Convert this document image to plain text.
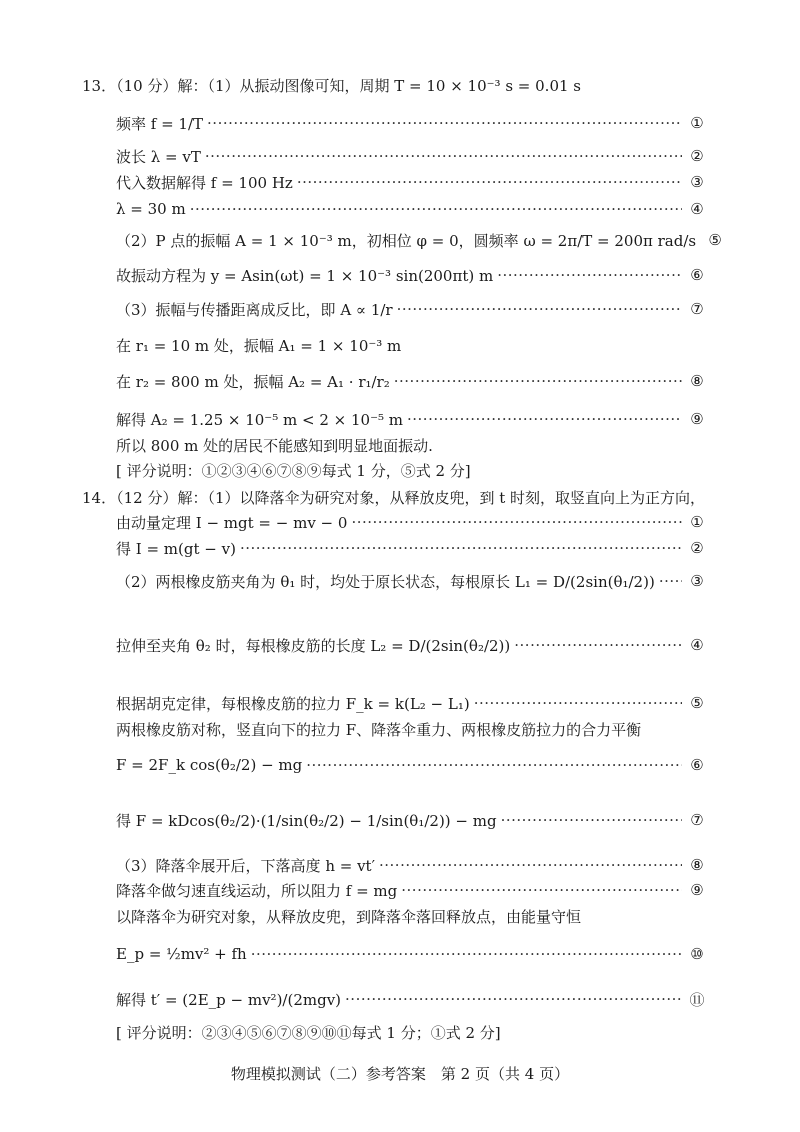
13．（10 分）解：（1）从振动图像可知，周期 T = 10 × 10⁻³ s = 0.01 s
频率 f = 1/T ·····	①
波长 λ = vT ·····	②
代入数据解得 f = 100 Hz ·····	③
λ = 30 m ·····	④
（2）P 点的振幅 A = 1 × 10⁻³ m，初相位 φ = 0，圆频率 ω = 2π/T = 200π rad/s ⑤
故振动方程为 y = Asin(ωt) = 1 × 10⁻³ sin(200πt) m ·····	⑥
（3）振幅与传播距离成反比，即 A ∝ 1/r ·····	⑦
在 r₁ = 10 m 处，振幅 A₁ = 1 × 10⁻³ m
在 r₂ = 800 m 处，振幅 A₂ = A₁ · r₁/r₂ ·····	⑧
解得 A₂ = 1.25 × 10⁻⁵ m < 2 × 10⁻⁵ m ·····	⑨
所以 800 m 处的居民不能感知到明显地面振动.
[ 评分说明：①②③④⑥⑦⑧⑨每式 1 分，⑤式 2 分]
14．（12 分）解：（1）以降落伞为研究对象，从释放皮兜，到 t 时刻，取竖直向上为正方向，
由动量定理 I − mgt = − mv − 0 ·····	①
得 I = m(gt − v) ·····	②
（2）两根橡皮筋夹角为 θ₁ 时，均处于原长状态，每根原长 L₁ = D/(2sin(θ₁/2)) ····· ③
拉伸至夹角 θ₂ 时，每根橡皮筋的长度 L₂ = D/(2sin(θ₂/2)) ·····	④
根据胡克定律，每根橡皮筋的拉力 F_k = k(L₂ − L₁) ·····	⑤
两根橡皮筋对称，竖直向下的拉力 F、降落伞重力、两根橡皮筋拉力的合力平衡
F = 2F_k cos(θ₂/2) − mg ·····	⑥
得 F = kDcos(θ₂/2)·(1/sin(θ₂/2) − 1/sin(θ₁/2)) − mg ·····	⑦
（3）降落伞展开后，下落高度 h = vt′ ·····	⑧
降落伞做匀速直线运动，所以阻力 f = mg ·····	⑨
以降落伞为研究对象，从释放皮兜，到降落伞落回释放点，由能量守恒
E_p = ½mv² + fh ·····	⑩
解得 t′ = (2E_p − mv²)/(2mgv) ·····	⑪
[ 评分说明：②③④⑤⑥⑦⑧⑨⑩⑪每式 1 分；①式 2 分]
物理模拟测试（二）参考答案　第 2 页（共 4 页）
